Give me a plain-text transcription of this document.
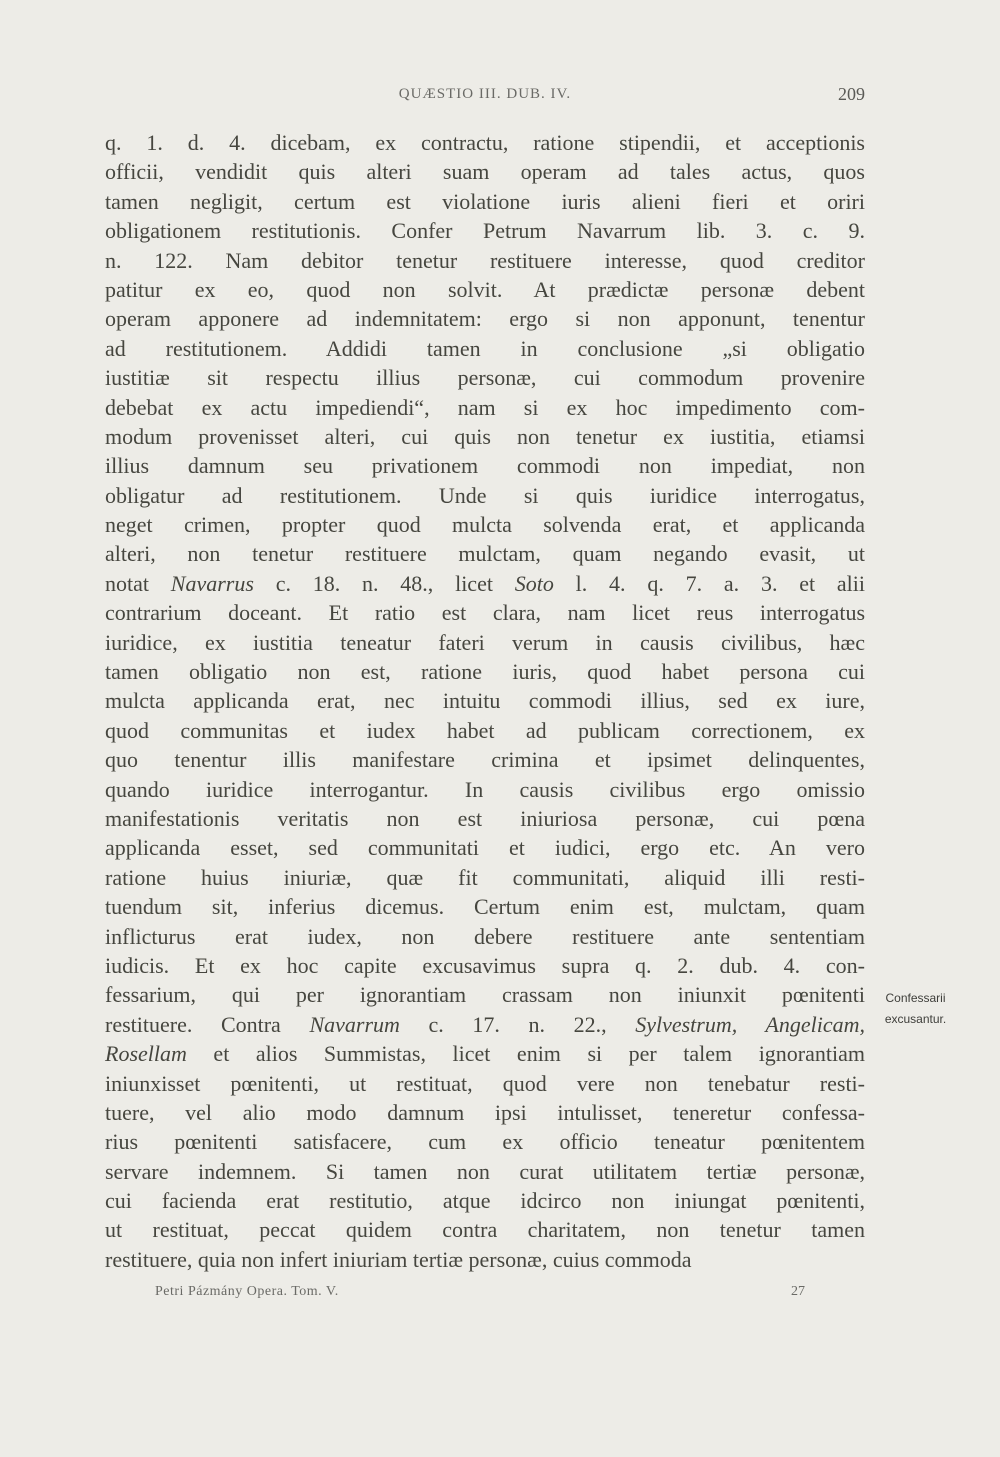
QUÆSTIO III. DUB. IV.	209
q. 1. d. 4. dicebam, ex contractu, ratione stipendii, et acceptionis
officii, vendidit quis alteri suam operam ad tales actus, quos
tamen negligit, certum est violatione iuris alieni fieri et oriri
obligationem restitutionis. Confer Petrum Navarrum lib. 3. c. 9.
n. 122. Nam debitor tenetur restituere interesse, quod creditor
patitur ex eo, quod non solvit. At prædictæ personæ debent
operam apponere ad indemnitatem: ergo si non apponunt, tenentur
ad restitutionem. Addidi tamen in conclusione „si obligatio
iustitiæ sit respectu illius personæ, cui commodum provenire
debebat ex actu impediendi“, nam si ex hoc impedimento com-
modum provenisset alteri, cui quis non tenetur ex iustitia, etiamsi
illius damnum seu privationem commodi non impediat, non
obligatur ad restitutionem. Unde si quis iuridice interrogatus,
neget crimen, propter quod mulcta solvenda erat, et applicanda
alteri, non tenetur restituere mulctam, quam negando evasit, ut
notat Navarrus c. 18. n. 48., licet Soto l. 4. q. 7. a. 3. et alii
contrarium doceant. Et ratio est clara, nam licet reus interrogatus
iuridice, ex iustitia teneatur fateri verum in causis civilibus, hæc
tamen obligatio non est, ratione iuris, quod habet persona cui
mulcta applicanda erat, nec intuitu commodi illius, sed ex iure,
quod communitas et iudex habet ad publicam correctionem, ex
quo tenentur illis manifestare crimina et ipsimet delinquentes,
quando iuridice interrogantur. In causis civilibus ergo omissio
manifestationis veritatis non est iniuriosa personæ, cui pœna
applicanda esset, sed communitati et iudici, ergo etc. An vero
ratione huius iniuriæ, quæ fit communitati, aliquid illi resti-
tuendum sit, inferius dicemus. Certum enim est, mulctam, quam
inflicturus erat iudex, non debere restituere ante sententiam
iudicis. Et ex hoc capite excusavimus supra q. 2. dub. 4. con-
fessarium, qui per ignorantiam crassam non iniunxit pœnitenti
restituere. Contra Navarrum c. 17. n. 22., Sylvestrum, Angelicam,
Rosellam et alios Summistas, licet enim si per talem ignorantiam
iniunxisset pœnitenti, ut restituat, quod vere non tenebatur resti-
tuere, vel alio modo damnum ipsi intulisset, teneretur confessa-
rius pœnitenti satisfacere, cum ex officio teneatur pœnitentem
servare indemnem. Si tamen non curat utilitatem tertiæ personæ,
cui facienda erat restitutio, atque idcirco non iniungat pœnitenti,
ut restituat, peccat quidem contra charitatem, non tenetur tamen
restituere, quia non infert iniuriam tertiæ personæ, cuius commoda
Confessarii
excusantur.
Petri Pázmány Opera. Tom. V.	27
